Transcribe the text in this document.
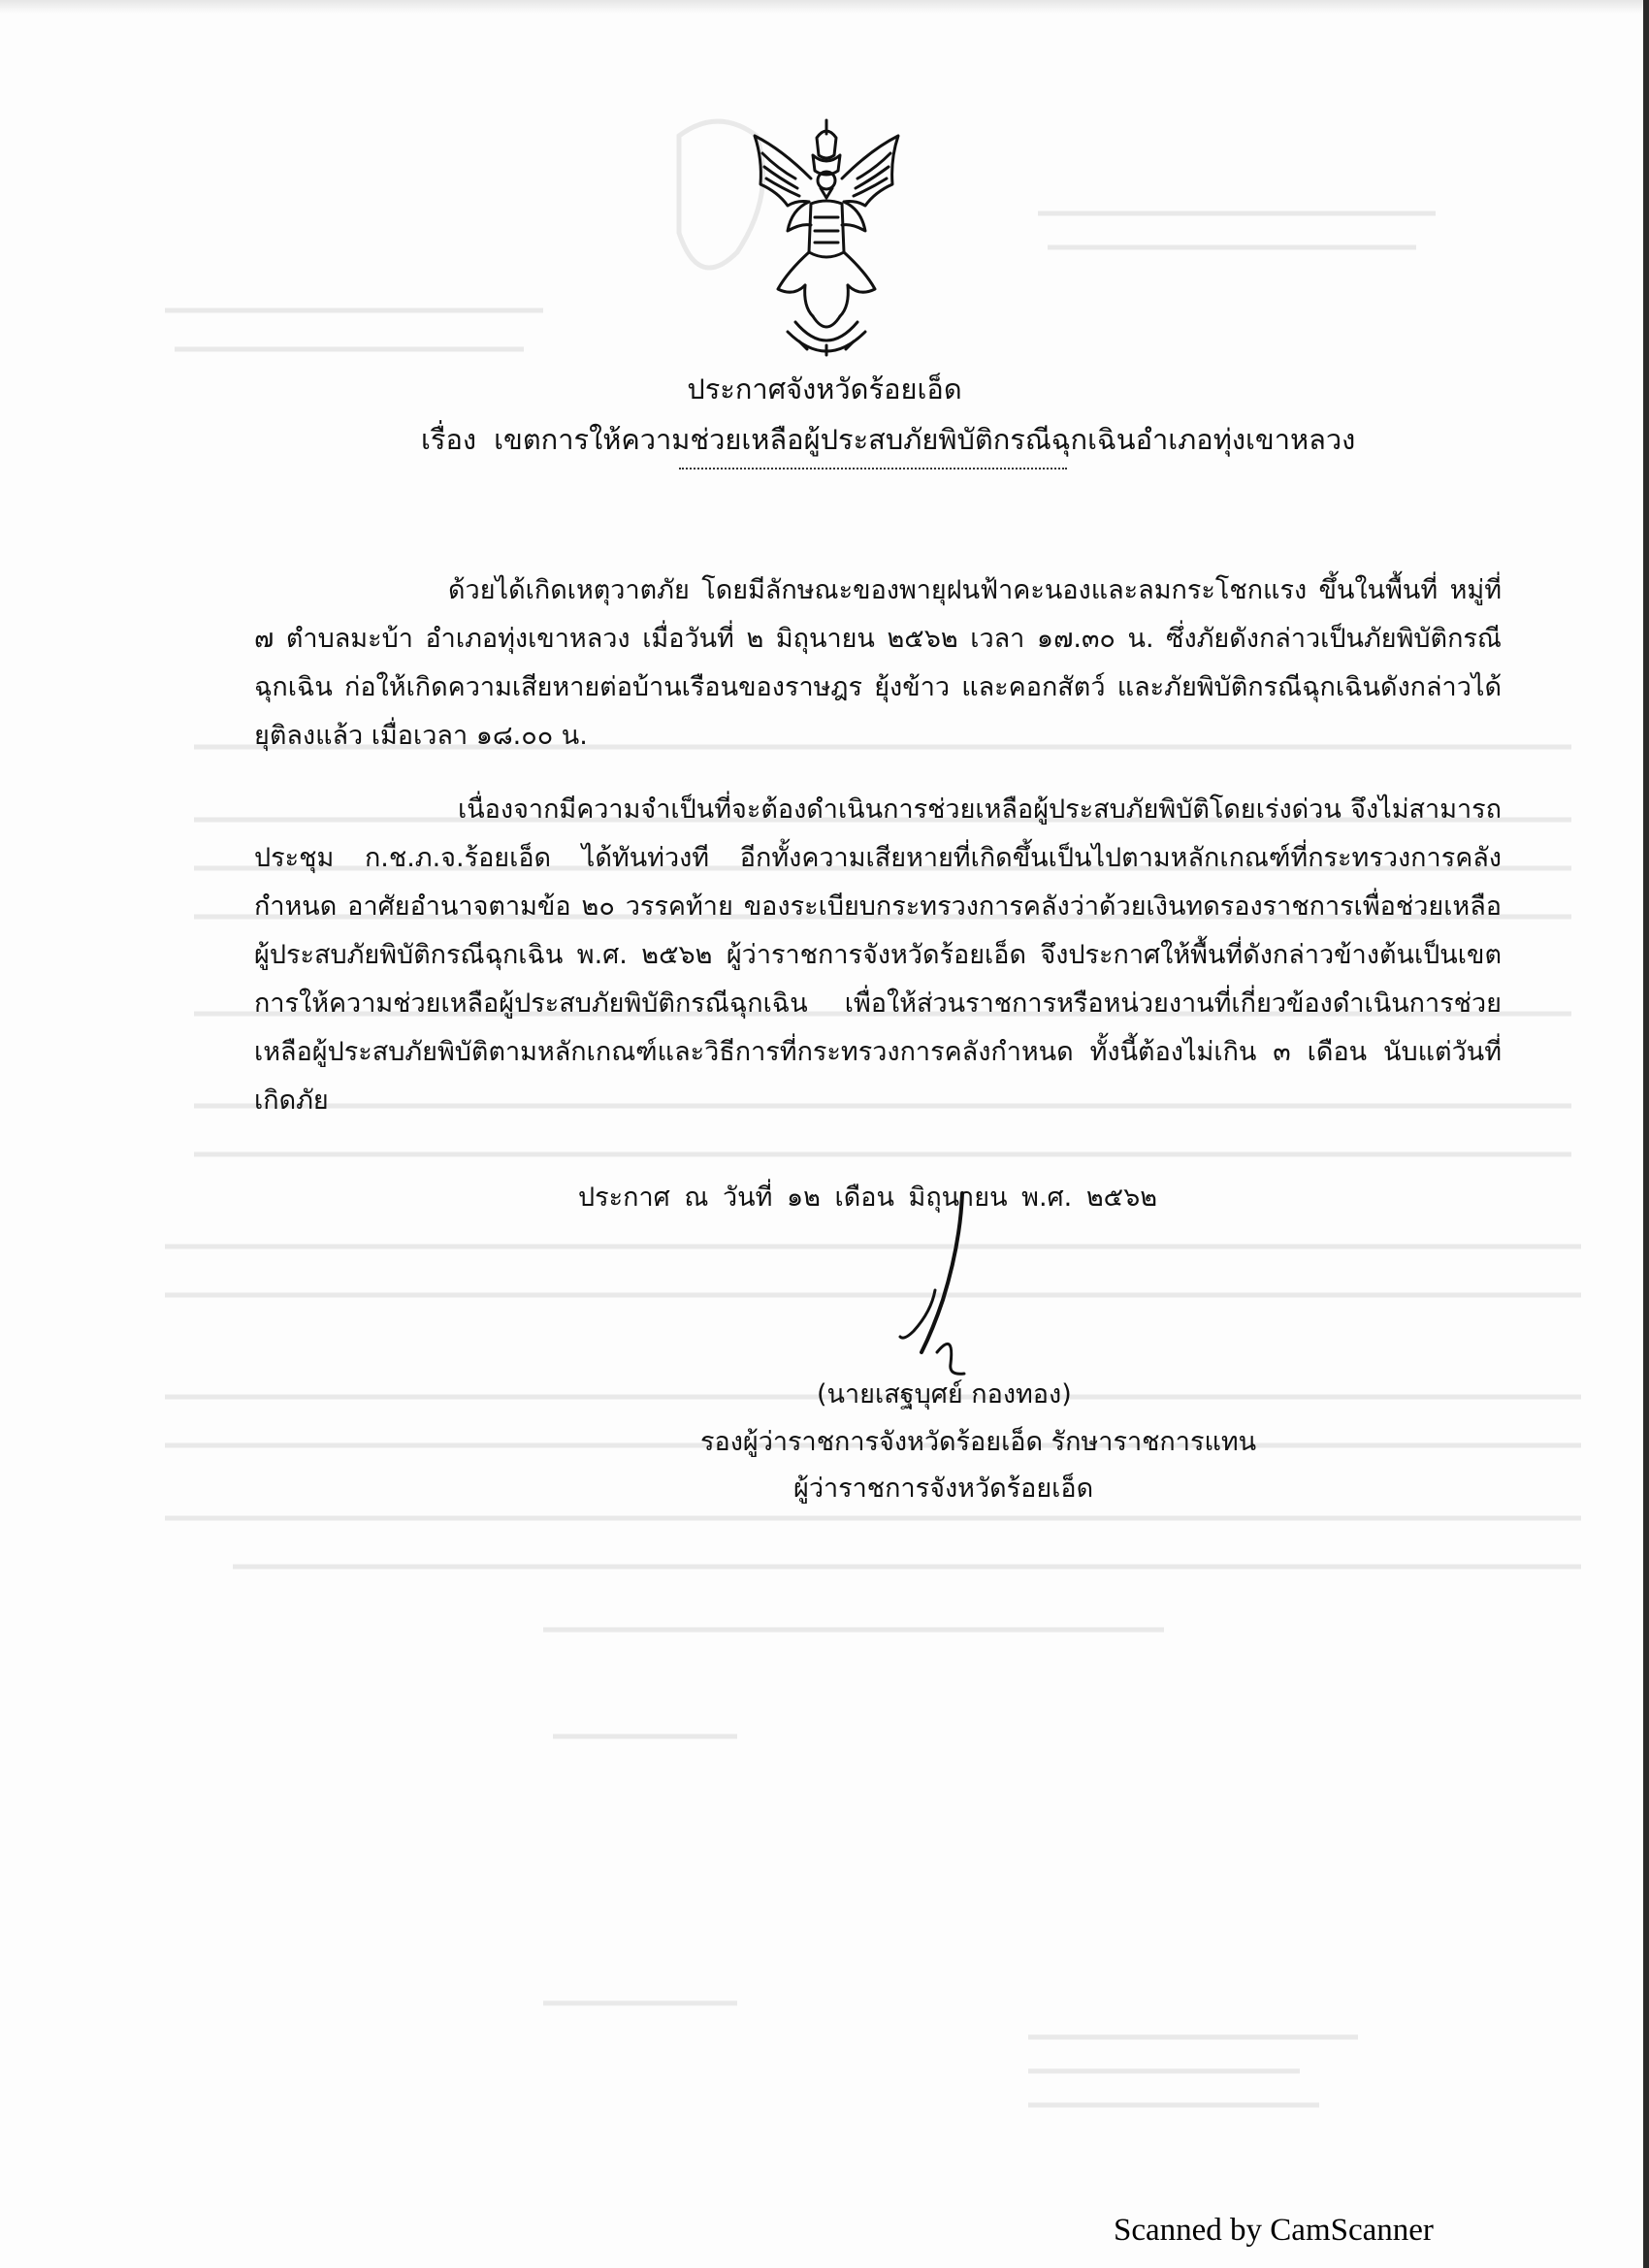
ประกาศจังหวัดร้อยเอ็ด
เรื่อง เขตการให้ความช่วยเหลือผู้ประสบภัยพิบัติกรณีฉุกเฉินอำเภอทุ่งเขาหลวง

ด้วยได้เกิดเหตุวาตภัย โดยมีลักษณะของพายุฝนฟ้าคะนองและลมกระโชกแรง ขึ้นในพื้นที่ หมู่ที่ ๗ ตำบลมะบ้า อำเภอทุ่งเขาหลวง เมื่อวันที่ ๒ มิถุนายน ๒๕๖๒ เวลา ๑๗.๓๐ น. ซึ่งภัยดังกล่าวเป็นภัยพิบัติกรณีฉุกเฉิน ก่อให้เกิดความเสียหายต่อบ้านเรือนของราษฎร ยุ้งข้าว และคอกสัตว์ และภัยพิบัติกรณีฉุกเฉินดังกล่าวได้ยุติลงแล้ว เมื่อเวลา ๑๘.๐๐ น.

เนื่องจากมีความจำเป็นที่จะต้องดำเนินการช่วยเหลือผู้ประสบภัยพิบัติโดยเร่งด่วน จึงไม่สามารถประชุม ก.ช.ภ.จ.ร้อยเอ็ด ได้ทันท่วงที อีกทั้งความเสียหายที่เกิดขึ้นเป็นไปตามหลักเกณฑ์ที่กระทรวงการคลังกำหนด อาศัยอำนาจตามข้อ ๒๐ วรรคท้าย ของระเบียบกระทรวงการคลังว่าด้วยเงินทดรองราชการเพื่อช่วยเหลือผู้ประสบภัยพิบัติกรณีฉุกเฉิน พ.ศ. ๒๕๖๒ ผู้ว่าราชการจังหวัดร้อยเอ็ด จึงประกาศให้พื้นที่ดังกล่าวข้างต้นเป็นเขตการให้ความช่วยเหลือผู้ประสบภัยพิบัติกรณีฉุกเฉิน เพื่อให้ส่วนราชการหรือหน่วยงานที่เกี่ยวข้องดำเนินการช่วยเหลือผู้ประสบภัยพิบัติตามหลักเกณฑ์และวิธีการที่กระทรวงการคลังกำหนด ทั้งนี้ต้องไม่เกิน ๓ เดือน นับแต่วันที่เกิดภัย

ประกาศ ณ วันที่ ๑๒ เดือน มิถุนายน พ.ศ. ๒๕๖๒
(นายเสฐบุศย์ กองทอง)
รองผู้ว่าราชการจังหวัดร้อยเอ็ด รักษาราชการแทน
ผู้ว่าราชการจังหวัดร้อยเอ็ด
Scanned by CamScanner
